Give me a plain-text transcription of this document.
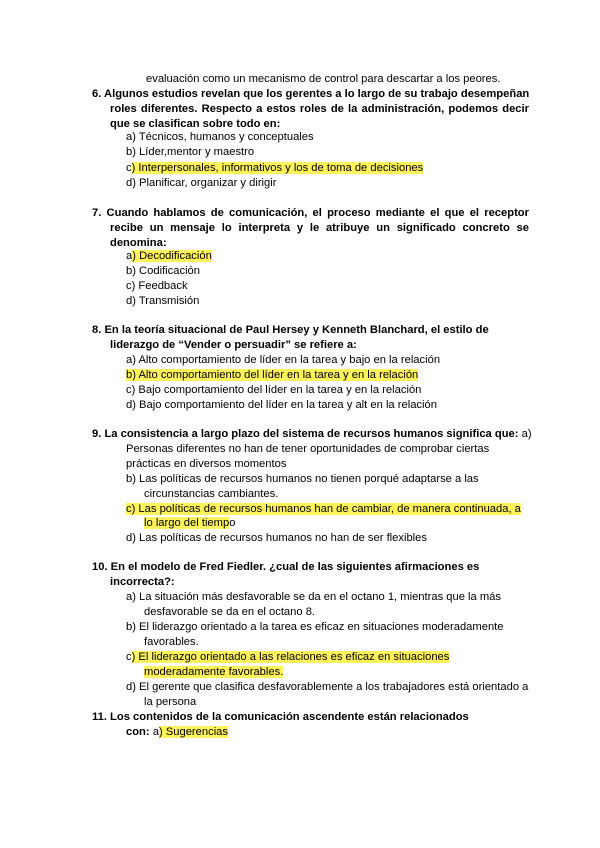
evaluación como un mecanismo de control para descartar a los peores.
6. Algunos estudios revelan que los gerentes a lo largo de su trabajo desempeñan
roles diferentes. Respecto a estos roles de la administración, podemos decir
que se clasifican sobre todo en:
a) Técnicos, humanos y conceptuales
b) Líder,mentor y maestro
c) Interpersonales, informativos y los de toma de decisiones
d) Planificar, organizar y dirigir
7. Cuando hablamos de comunicación, el proceso mediante el que el receptor
recibe un mensaje lo interpreta y le atribuye un significado concreto se
denomina:
a) Decodificación
b) Codificación
c) Feedback
d) Transmisión
8. En la teoría situacional de Paul Hersey y Kenneth Blanchard, el estilo de
liderazgo de “Vender o persuadir” se refiere a:
a) Alto comportamiento de líder en la tarea y bajo en la relación
b) Alto comportamiento del líder en la tarea y en la relación
c) Bajo comportamiento del líder en la tarea y en la relación
d) Bajo comportamiento del líder en la tarea y alt en la relación
9. La consistencia a largo plazo del sistema de recursos humanos significa que: a)
Personas diferentes no han de tener oportunidades de comprobar ciertas
prácticas en diversos momentos
b) Las políticas de recursos humanos no tienen porqué adaptarse a las
circunstancias cambiantes.
c) Las políticas de recursos humanos han de cambiar, de manera continuada, a
lo largo del tiempo
d) Las políticas de recursos humanos no han de ser flexibles
10. En el modelo de Fred Fiedler. ¿cual de las siguientes afirmaciones es
incorrecta?:
a) La situación más desfavorable se da en el octano 1, mientras que la más
desfavorable se da en el octano 8.
b) El liderazgo orientado a la tarea es eficaz en situaciones moderadamente
favorables.
c) El liderazgo orientado a las relaciones es eficaz en situaciones
moderadamente favorables.
d) El gerente que clasifica desfavorablemente a los trabajadores está orientado a
la persona
11. Los contenidos de la comunicación ascendente están relacionados
con: a) Sugerencias
